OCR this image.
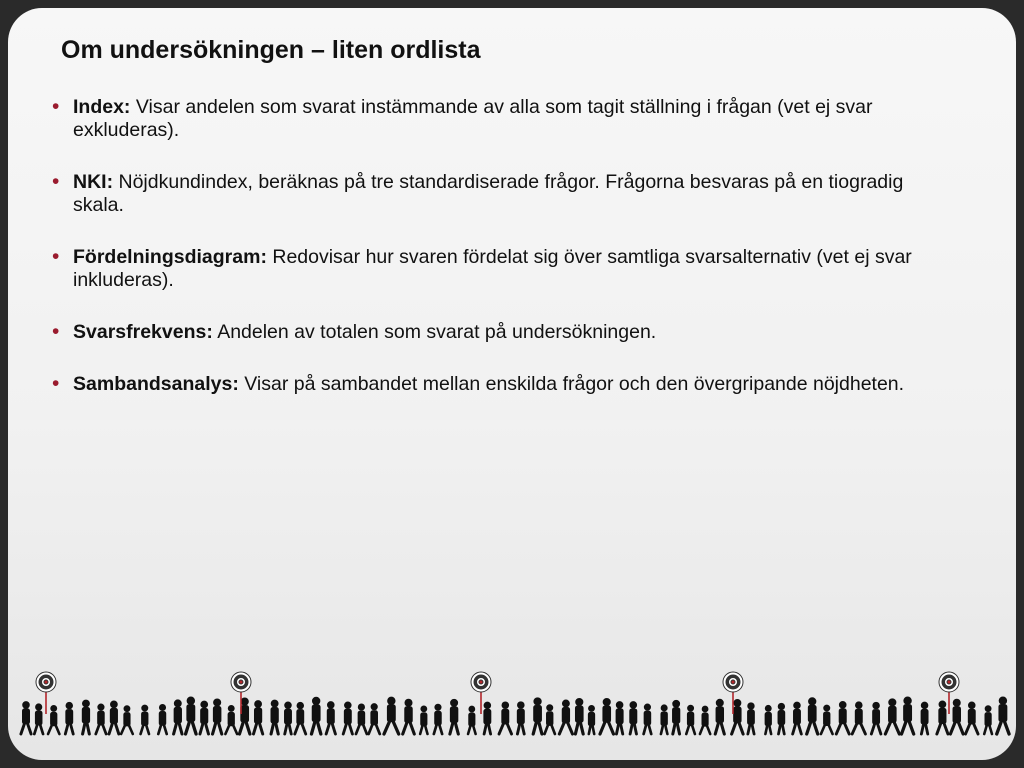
Om undersökningen – liten ordlista
• Index: Visar andelen som svarat instämmande av alla som tagit ställning i frågan (vet ej svar exkluderas).
• NKI: Nöjdkundindex, beräknas på tre standardiserade frågor. Frågorna besvaras på en tiogradig skala.
• Fördelningsdiagram: Redovisar hur svaren fördelat sig över samtliga svarsalternativ (vet ej svar inkluderas).
• Svarsfrekvens: Andelen av totalen som svarat på undersökningen.
• Sambandsanalys: Visar på sambandet mellan enskilda frågor och den övergripande nöjdheten.
